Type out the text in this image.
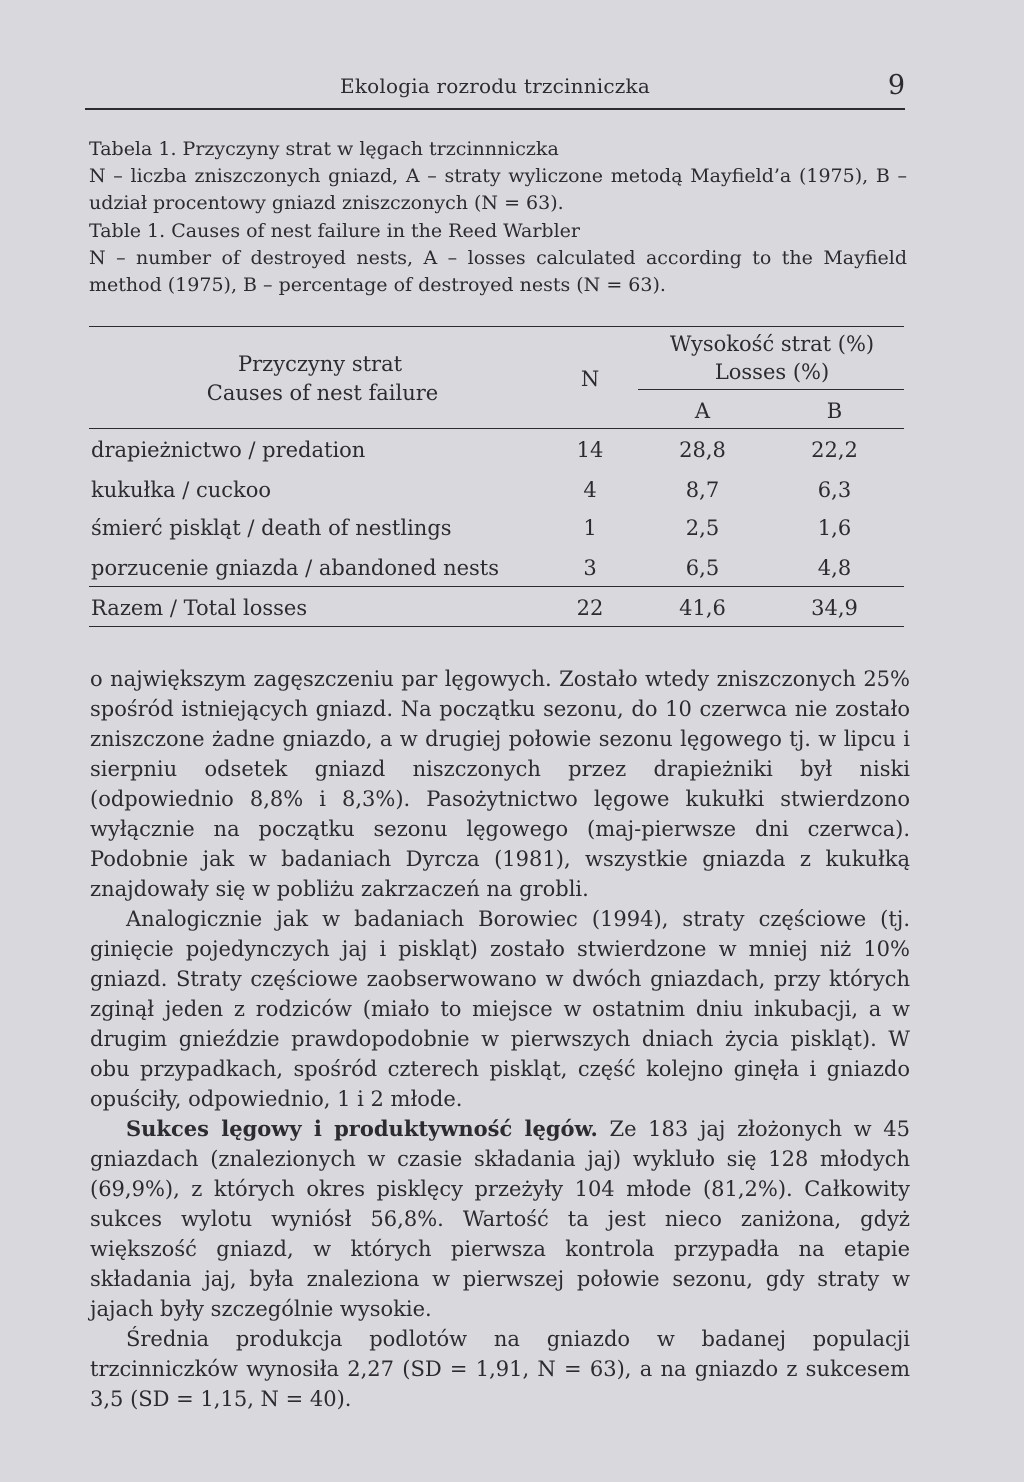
Ekologia rozrodu trzcinniczka	9

Tabela 1. Przyczyny strat w lęgach trzcinnniczka

N – liczba zniszczonych gniazd, A – straty wyliczone metodą Mayfield’a (1975), B – udział procentowy gniazd zniszczonych (N = 63).

Table 1. Causes of nest failure in the Reed Warbler

N – number of destroyed nests, A – losses calculated according to the Mayfield method (1975), B – percentage of destroyed nests (N = 63).

Przyczyny strat
Causes of nest failure
N
Wysokość strat (%)
Losses (%)
A	B
drapieżnictwo / predation	14	28,8	22,2
kukułka / cuckoo	4	8,7	6,3
śmierć piskląt / death of nestlings	1	2,5	1,6
porzucenie gniazda / abandoned nests	3	6,5	4,8
Razem / Total losses	22	41,6	34,9

o największym zagęszczeniu par lęgowych. Zostało wtedy zniszczonych 25% spośród istniejących gniazd. Na początku sezonu, do 10 czerwca nie zostało zniszczone żadne gniazdo, a w drugiej połowie sezonu lęgowego tj. w lipcu i sierpniu odsetek gniazd niszczonych przez drapieżniki był niski (odpowiednio 8,8% i 8,3%). Pasożytnictwo lęgowe kukułki stwierdzono wyłącznie na początku sezonu lęgowego (maj-pierwsze dni czerwca). Podobnie jak w badaniach Dyrcza (1981), wszystkie gniazda z kukułką znajdowały się w pobliżu zakrzaczeń na grobli.

Analogicznie jak w badaniach Borowiec (1994), straty częściowe (tj. ginięcie pojedynczych jaj i piskląt) zostało stwierdzone w mniej niż 10% gniazd. Straty częściowe zaobserwowano w dwóch gniazdach, przy których zginął jeden z rodziców (miało to miejsce w ostatnim dniu inkubacji, a w drugim gnieździe prawdopodobnie w pierwszych dniach życia piskląt). W obu przypadkach, spośród czterech piskląt, część kolejno ginęła i gniazdo opuściły, odpowiednio, 1 i 2 młode.

Sukces lęgowy i produktywność lęgów. Ze 183 jaj złożonych w 45 gniazdach (znalezionych w czasie składania jaj) wykluło się 128 młodych (69,9%), z których okres pisklęcy przeżyły 104 młode (81,2%). Całkowity sukces wylotu wyniósł 56,8%. Wartość ta jest nieco zaniżona, gdyż większość gniazd, w których pierwsza kontrola przypadła na etapie składania jaj, była znaleziona w pierwszej połowie sezonu, gdy straty w jajach były szczególnie wysokie.

Średnia produkcja podlotów na gniazdo w badanej populacji trzcinniczków wynosiła 2,27 (SD = 1,91, N = 63), a na gniazdo z sukcesem 3,5 (SD = 1,15, N = 40).
